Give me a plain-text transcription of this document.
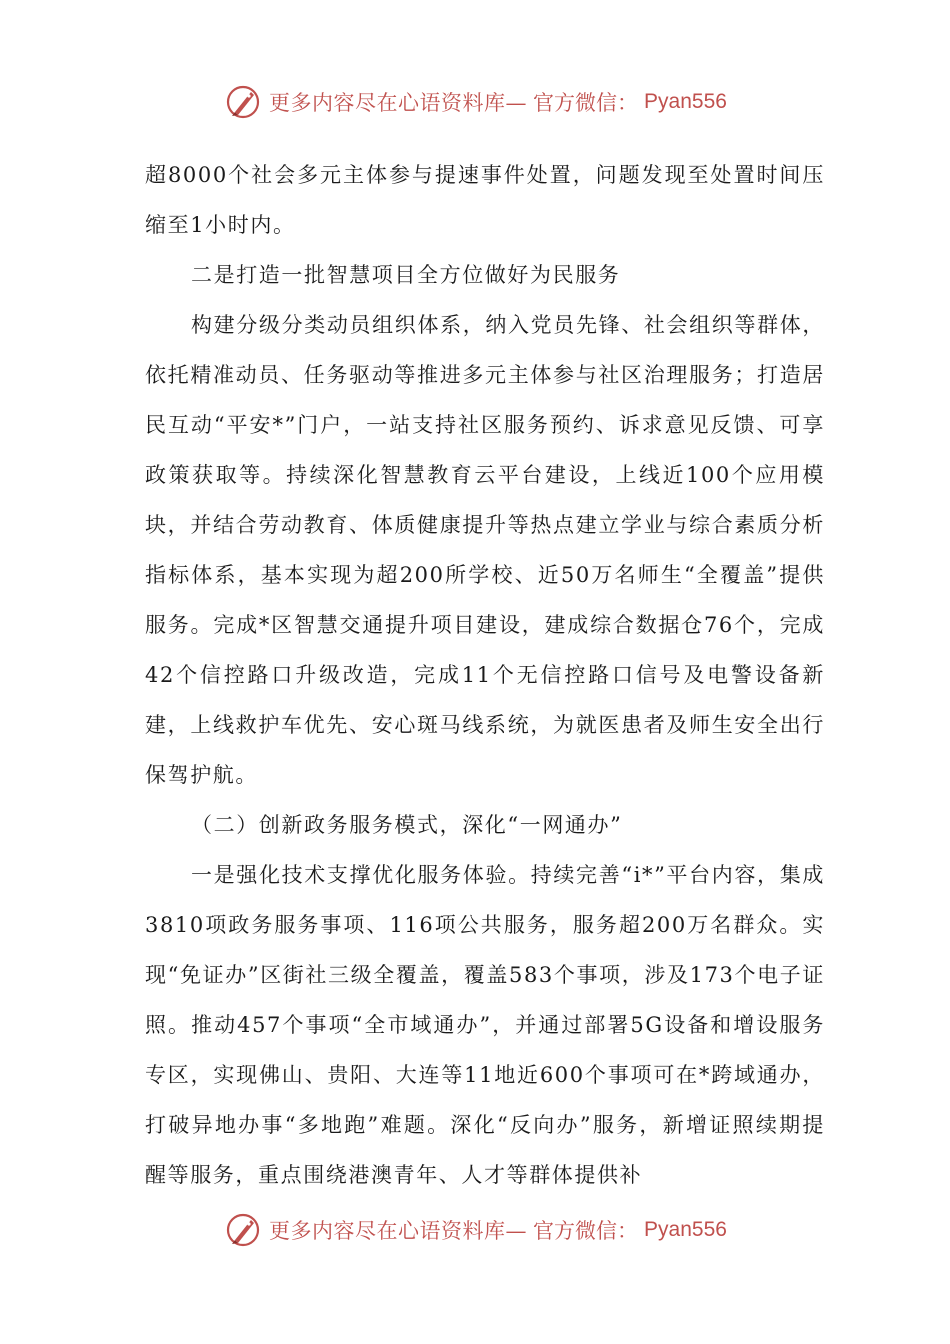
更多内容尽在心语资料库— 官方微信： Pyan556

超8000个社会多元主体参与提速事件处置，问题发现至处置时间压缩至1小时内。

二是打造一批智慧项目全方位做好为民服务

构建分级分类动员组织体系，纳入党员先锋、社会组织等群体，依托精准动员、任务驱动等推进多元主体参与社区治理服务；打造居民互动“平安*”门户，一站支持社区服务预约、诉求意见反馈、可享政策获取等。持续深化智慧教育云平台建设，上线近100个应用模块，并结合劳动教育、体质健康提升等热点建立学业与综合素质分析指标体系，基本实现为超200所学校、近50万名师生“全覆盖”提供服务。完成*区智慧交通提升项目建设，建成综合数据仓76个，完成42个信控路口升级改造，完成11个无信控路口信号及电警设备新建，上线救护车优先、安心斑马线系统，为就医患者及师生安全出行保驾护航。

（二）创新政务服务模式，深化“一网通办”

一是强化技术支撑优化服务体验。持续完善“i*”平台内容，集成3810项政务服务事项、116项公共服务，服务超200万名群众。实现“免证办”区街社三级全覆盖，覆盖583个事项，涉及173个电子证照。推动457个事项“全市域通办”，并通过部署5G设备和增设服务专区，实现佛山、贵阳、大连等11地近600个事项可在*跨域通办，打破异地办事“多地跑”难题。深化“反向办”服务，新增证照续期提醒等服务，重点围绕港澳青年、人才等群体提供补

更多内容尽在心语资料库— 官方微信： Pyan556
